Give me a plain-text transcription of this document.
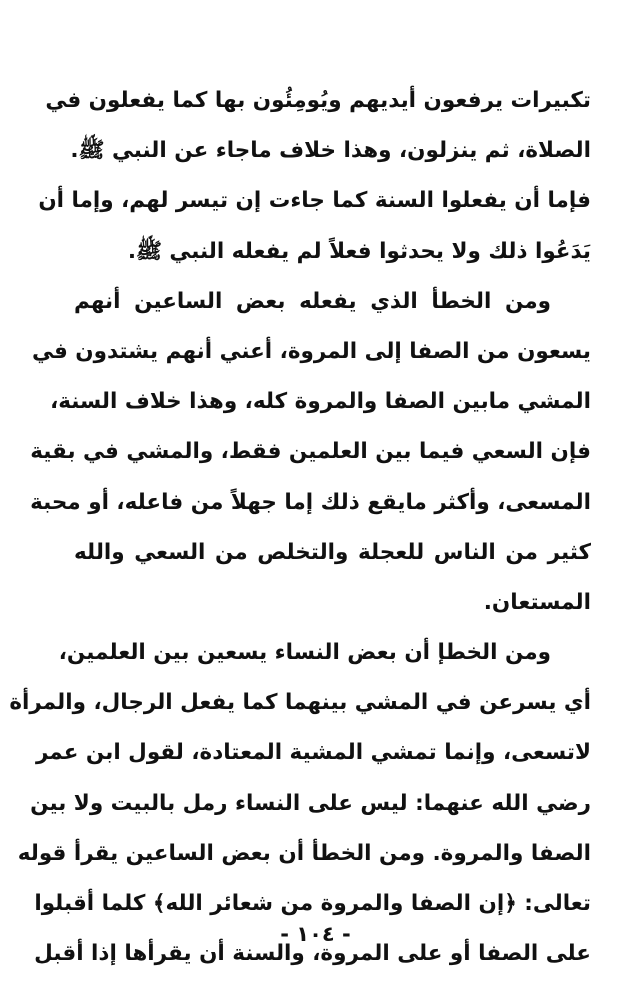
تكبيرات يرفعون أيديهم ويُومِئُون بها كما يفعلون في
الصلاة، ثم ينزلون، وهذا خلاف ماجاء عن النبي ﷺ.
فإما أن يفعلوا السنة كما جاءت إن تيسر لهم، وإما أن
يَدَعُوا ذلك ولا يحدثوا فعلاً لم يفعله النبي ﷺ.
ومن الخطأ الذي يفعله بعض الساعين أنهم
يسعون من الصفا إلى المروة، أعني أنهم يشتدون في
المشي مابين الصفا والمروة كله، وهذا خلاف السنة،
فإن السعي فيما بين العلمين فقط، والمشي في بقية
المسعى، وأكثر مايقع ذلك إما جهلاً من فاعله، أو محبة
كثير من الناس للعجلة والتخلص من السعي والله
المستعان.
ومن الخطإ أن بعض النساء يسعين بين العلمين،
أي يسرعن في المشي بينهما كما يفعل الرجال، والمرأة
لاتسعى، وإنما تمشي المشية المعتادة، لقول ابن عمر
رضي الله عنهما: ليس على النساء رمل بالبيت ولا بين
الصفا والمروة. ومن الخطأ أن بعض الساعين يقرأ قوله
تعالى: ﴿إن الصفا والمروة من شعائر الله﴾ كلما أقبلوا
على الصفا أو على المروة، والسنة أن يقرأها إذا أقبل
- ١٠٤ -
